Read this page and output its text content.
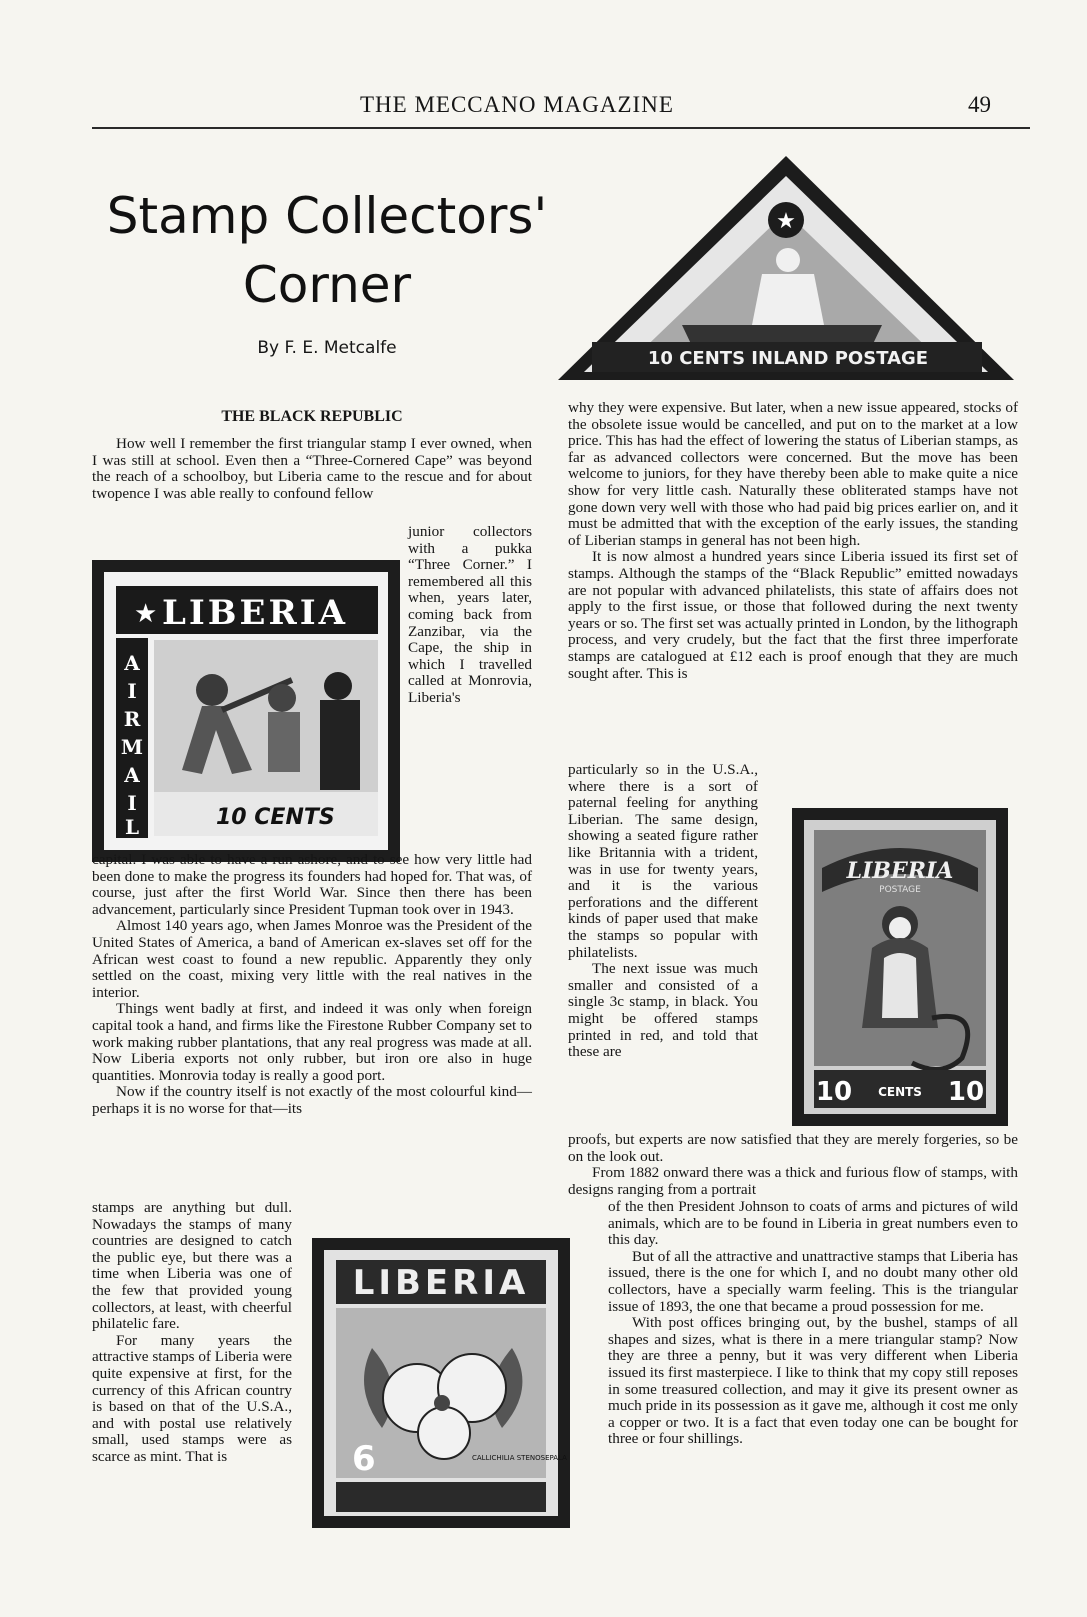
THE MECCANO MAGAZINE	49
Stamp Collectors'
Corner
By F. E. Metcalfe
THE BLACK REPUBLIC
How well I remember the first triangular stamp I ever owned, when I was still at school. Even then a “Three-Cornered Cape” was beyond the reach of a schoolboy, but Liberia came to the rescue and for about twopence I was able really to confound fellow
★ LIBERIA
A
I
R
M
A
I
L	10 CENTS
junior collectors with a pukka “Three Corner.” I remembered all this when, years later, coming back from Zanzibar, via the Cape, the ship in which I travelled called at Monrovia, Liberia's

capital. I was able to have a run ashore, and to see how very little had been done to make the progress its founders had hoped for. That was, of course, just after the first World War. Since then there has been advancement, particularly since President Tupman took over in 1943.

Almost 140 years ago, when James Monroe was the President of the United States of America, a band of American ex-slaves set off for the African west coast to found a new republic. Apparently they only settled on the coast, mixing very little with the real natives in the interior.

Things went badly at first, and indeed it was only when foreign capital took a hand, and firms like the Firestone Rubber Company set to work making rubber plantations, that any real progress was made at all. Now Liberia exports not only rubber, but iron ore also in huge quantities. Monrovia today is really a good port.

Now if the country itself is not exactly of the most colourful kind—perhaps it is no worse for that—its

stamps are anything but dull. Nowadays the stamps of many countries are designed to catch the public eye, but there was a time when Liberia was one of the few that provided young collectors, at least, with cheerful philatelic fare.

For many years the attractive stamps of Liberia were quite expensive at first, for the currency of this African country is based on that of the U.S.A., and with postal use relatively small, used stamps were as scarce as mint. That is

LIBERIA
6	CALLICHILIA STENOSEPALA
★
10 CENTS INLAND POSTAGE

why they were expensive. But later, when a new issue appeared, stocks of the obsolete issue would be cancelled, and put on to the market at a low price. This has had the effect of lowering the status of Liberian stamps, as far as advanced collectors were concerned. But the move has been welcome to juniors, for they have thereby been able to make quite a nice show for very little cash. Naturally these obliterated stamps have not gone down very well with those who had paid big prices earlier on, and it must be admitted that with the exception of the early issues, the standing of Liberian stamps in general has not been high.

It is now almost a hundred years since Liberia issued its first set of stamps. Although the stamps of the “Black Republic” emitted nowadays are not popular with advanced philatelists, this state of affairs does not apply to the first issue, or those that followed during the next twenty years or so. The first set was actually printed in London, by the lithograph process, and very crudely, but the fact that the first three imperforate stamps are catalogued at £12 each is proof enough that they are much sought after. This is

particularly so in the U.S.A., where there is a sort of paternal feeling for anything Liberian. The same design, showing a seated figure rather like Britannia with a trident, was in use for twenty years, and it is the various perforations and the different kinds of paper used that make the stamps so popular with philatelists.

The next issue was much smaller and consisted of a single 3c stamp, in black. You might be offered stamps printed in red, and told that these are

LIBERIA
POSTAGE
10 CENTS 10

proofs, but experts are now satisfied that they are merely forgeries, so be on the look out.

From 1882 onward there was a thick and furious flow of stamps, with designs ranging from a portrait

of the then President Johnson to coats of arms and pictures of wild animals, which are to be found in Liberia in great numbers even to this day.

But of all the attractive and unattractive stamps that Liberia has issued, there is the one for which I, and no doubt many other old collectors, have a specially warm feeling. This is the triangular issue of 1893, the one that became a proud possession for me.

With post offices bringing out, by the bushel, stamps of all shapes and sizes, what is there in a mere triangular stamp? Now they are three a penny, but it was very different when Liberia issued its first masterpiece. I like to think that my copy still reposes in some treasured collection, and may it give its present owner as much pride in its possession as it gave me, although it cost me only a copper or two. It is a fact that even today one can be bought for three or four shillings.
